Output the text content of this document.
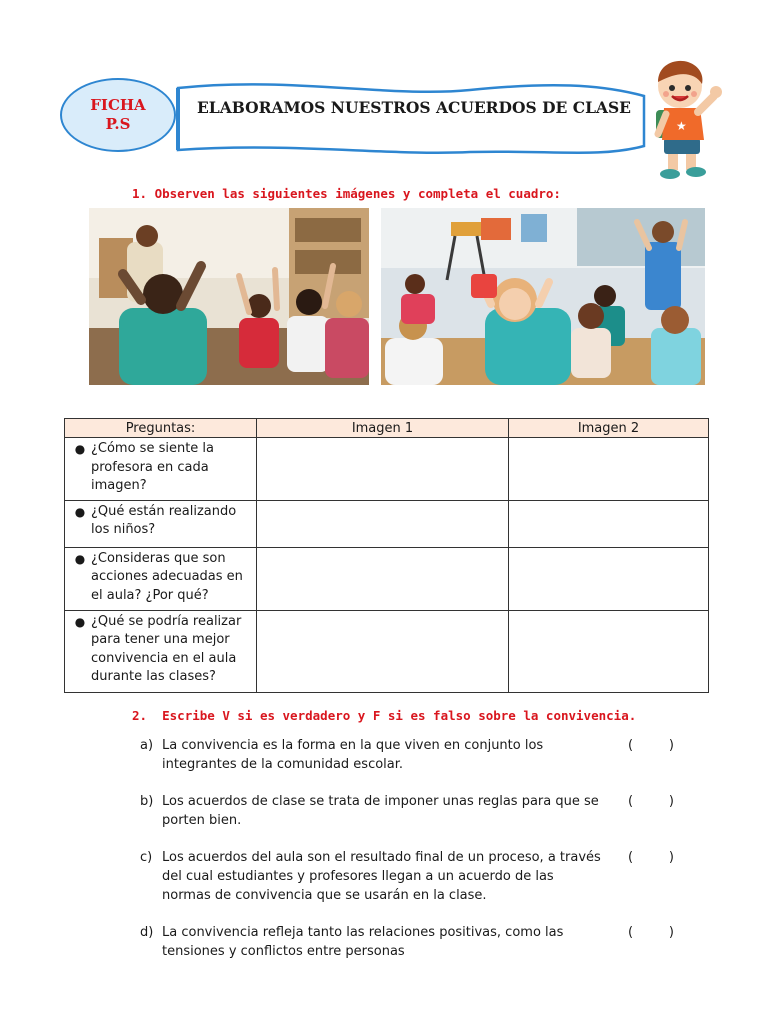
FICHA
P.S
ELABORAMOS NUESTROS ACUERDOS DE CLASE
★
1. Observen las siguientes imágenes y completa el cuadro:
Preguntas:	Imagen 1	Imagen 2

● ¿Cómo se siente la profesora en cada imagen?		

● ¿Qué están realizando los niños?		

● ¿Consideras que son acciones adecuadas en el aula? ¿Por qué?		

● ¿Qué se podría realizar para tener una mejor convivencia en el aula durante las clases?		

2. Escribe V si es verdadero y F si es falso sobre la convivencia.
a) La convivencia es la forma en la que viven en conjunto los integrantes de la comunidad escolar.
(	)
b) Los acuerdos de clase se trata de imponer unas reglas para que se porten bien.
(	)
c) Los acuerdos del aula son el resultado final de un proceso, a través del cual estudiantes y profesores llegan a un acuerdo de las normas de convivencia que se usarán en la clase.
(	)
d) La convivencia refleja tanto las relaciones positivas, como las tensiones y conflictos entre personas
(	)
